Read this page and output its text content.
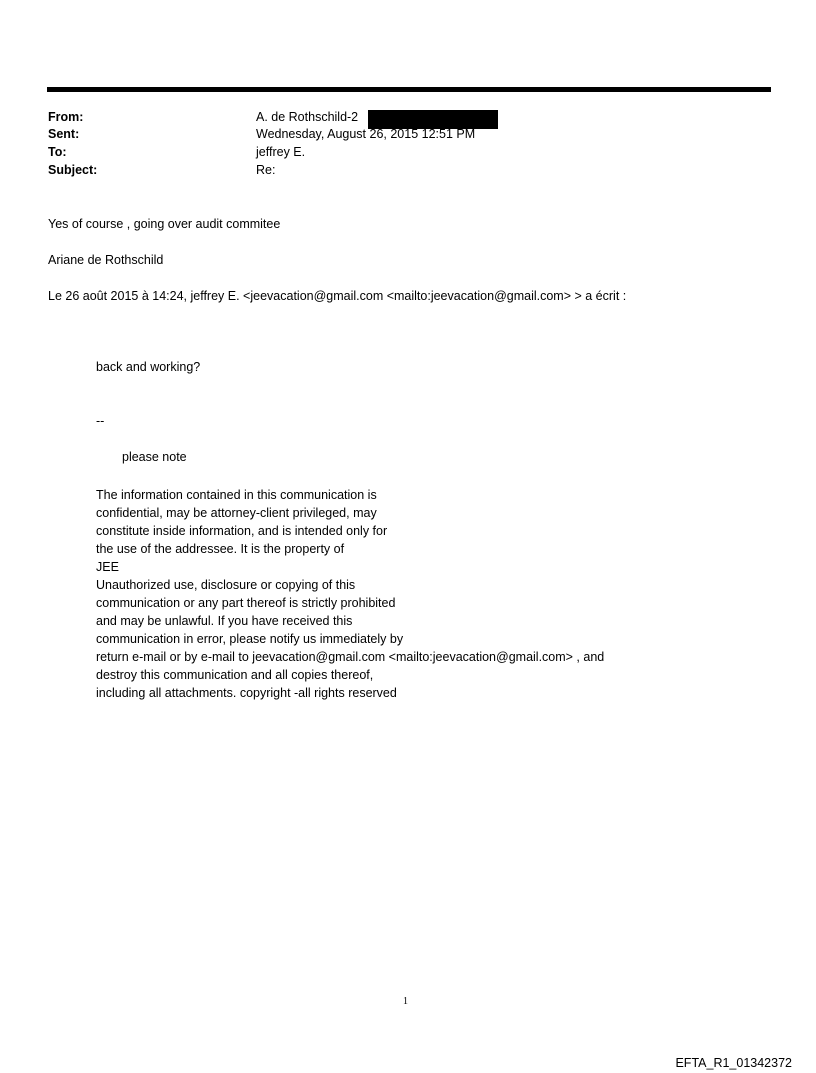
From:	A. de Rothschild-2
Sent:	Wednesday, August 26, 2015 12:51 PM
To:	jeffrey E.
Subject:	Re:
Yes of course , going over audit commitee
Ariane de Rothschild
Le 26 août 2015 à 14:24, jeffrey E. <jeevacation@gmail.com <mailto:jeevacation@gmail.com> > a écrit :
back and working?
--
please note
The information contained in this communication is
confidential, may be attorney-client privileged, may
constitute inside information, and is intended only for
the use of the addressee. It is the property of
JEE
Unauthorized use, disclosure or copying of this
communication or any part thereof is strictly prohibited
and may be unlawful. If you have received this
communication in error, please notify us immediately by
return e-mail or by e-mail to jeevacation@gmail.com <mailto:jeevacation@gmail.com> , and
destroy this communication and all copies thereof,
including all attachments. copyright -all rights reserved
1
EFTA_R1_01342372
